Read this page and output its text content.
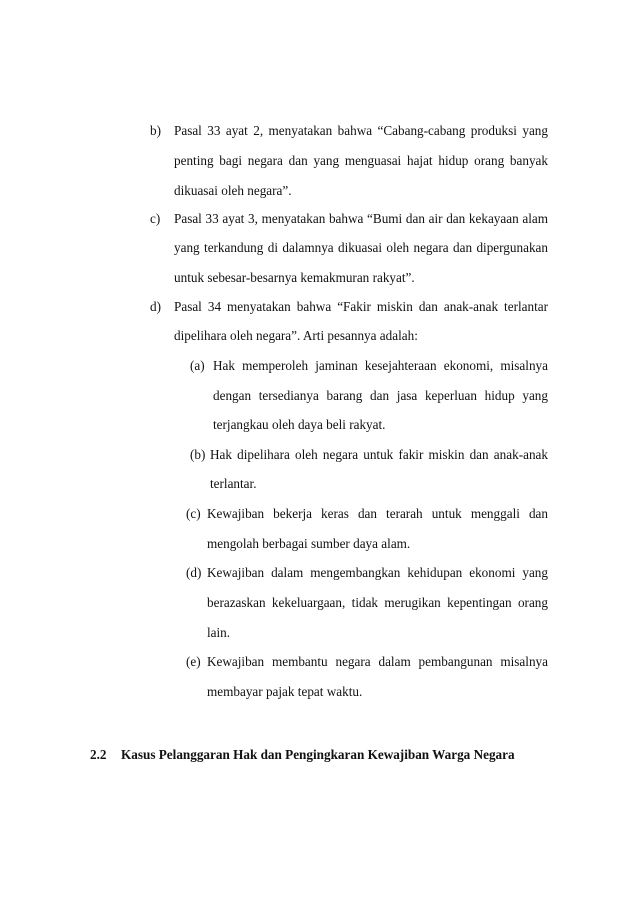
b) Pasal 33 ayat 2, menyatakan bahwa “Cabang-cabang produksi yang
penting bagi negara dan yang menguasai hajat hidup orang banyak
dikuasai oleh negara”.
c) Pasal 33 ayat 3, menyatakan bahwa “Bumi dan air dan kekayaan alam
yang terkandung di dalamnya dikuasai oleh negara dan dipergunakan
untuk sebesar-besarnya kemakmuran rakyat”.
d) Pasal 34 menyatakan bahwa “Fakir miskin dan anak-anak terlantar
dipelihara oleh negara”. Arti pesannya adalah:
(a) Hak memperoleh jaminan kesejahteraan ekonomi, misalnya
dengan tersedianya barang dan jasa keperluan hidup yang
terjangkau oleh daya beli rakyat.
(b) Hak dipelihara oleh negara untuk fakir miskin dan anak-anak
terlantar.
(c) Kewajiban bekerja keras dan terarah untuk menggali dan
mengolah berbagai sumber daya alam.
(d) Kewajiban dalam mengembangkan kehidupan ekonomi yang
berazaskan kekeluargaan, tidak merugikan kepentingan orang
lain.
(e) Kewajiban membantu negara dalam pembangunan misalnya
membayar pajak tepat waktu.
2.2 Kasus Pelanggaran Hak dan Pengingkaran Kewajiban Warga Negara
